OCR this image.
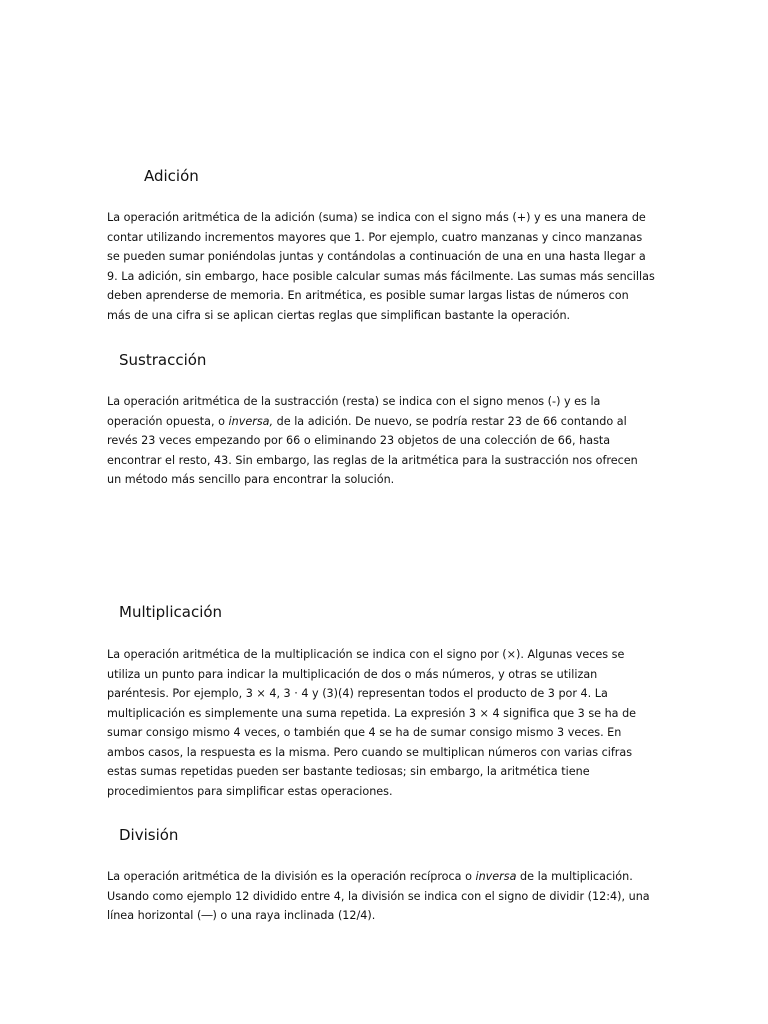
Adición
La operación aritmética de la adición (suma) se indica con el signo más (+) y es una manera de
contar utilizando incrementos mayores que 1. Por ejemplo, cuatro manzanas y cinco manzanas
se pueden sumar poniéndolas juntas y contándolas a continuación de una en una hasta llegar a
9. La adición, sin embargo, hace posible calcular sumas más fácilmente. Las sumas más sencillas
deben aprenderse de memoria. En aritmética, es posible sumar largas listas de números con
más de una cifra si se aplican ciertas reglas que simplifican bastante la operación.
Sustracción
La operación aritmética de la sustracción (resta) se indica con el signo menos (-) y es la
operación opuesta, o inversa, de la adición. De nuevo, se podría restar 23 de 66 contando al
revés 23 veces empezando por 66 o eliminando 23 objetos de una colección de 66, hasta
encontrar el resto, 43. Sin embargo, las reglas de la aritmética para la sustracción nos ofrecen
un método más sencillo para encontrar la solución.
Multiplicación
La operación aritmética de la multiplicación se indica con el signo por (×). Algunas veces se
utiliza un punto para indicar la multiplicación de dos o más números, y otras se utilizan
paréntesis. Por ejemplo, 3 × 4, 3 · 4 y (3)(4) representan todos el producto de 3 por 4. La
multiplicación es simplemente una suma repetida. La expresión 3 × 4 significa que 3 se ha de
sumar consigo mismo 4 veces, o también que 4 se ha de sumar consigo mismo 3 veces. En
ambos casos, la respuesta es la misma. Pero cuando se multiplican números con varias cifras
estas sumas repetidas pueden ser bastante tediosas; sin embargo, la aritmética tiene
procedimientos para simplificar estas operaciones.
División
La operación aritmética de la división es la operación recíproca o inversa de la multiplicación.
Usando como ejemplo 12 dividido entre 4, la división se indica con el signo de dividir (12:4), una
línea horizontal (―) o una raya inclinada (12/4).
